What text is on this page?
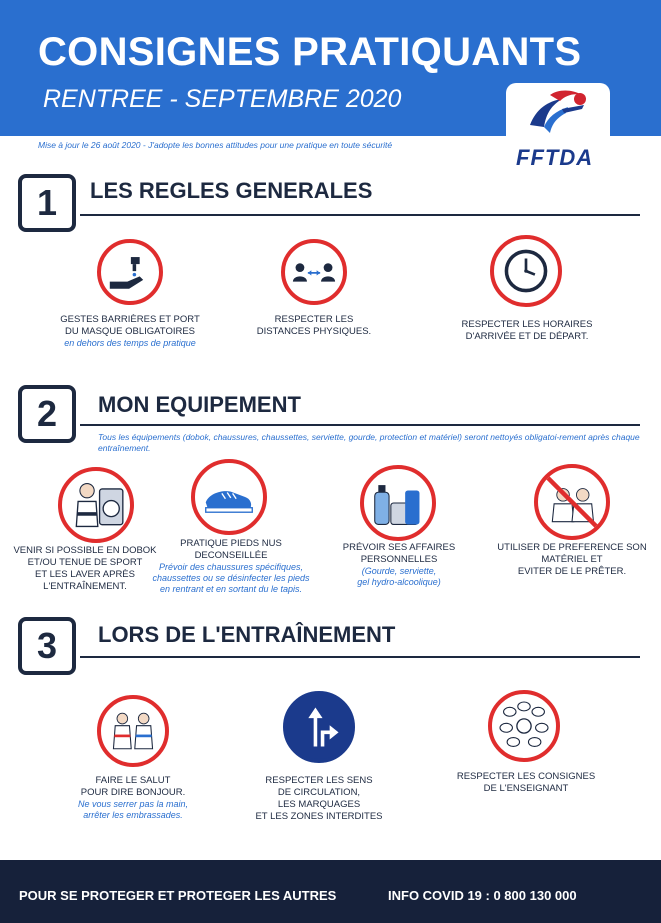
CONSIGNES PRATIQUANTS
RENTREE - SEPTEMBRE 2020
FFTDA
Mise à jour le 26 août 2020 - J'adopte les bonnes attitudes pour une pratique en toute sécurité
1	LES REGLES GENERALES
GESTES BARRIÈRES ET PORT
DU MASQUE OBLIGATOIRES
en dehors des temps de pratique
RESPECTER LES
DISTANCES PHYSIQUES.
RESPECTER LES HORAIRES
D'ARRIVÉE ET DE DÉPART.
2	MON EQUIPEMENT
Tous les équipements (dobok, chaussures, chaussettes, serviette, gourde, protection et matériel) seront nettoyés obligatoi-rement après chaque entraînement.
VENIR SI POSSIBLE EN DOBOK
ET/OU TENUE DE SPORT
ET LES LAVER APRÈS
L'ENTRAÎNEMENT.
PRATIQUE PIEDS NUS
DECONSEILLÉE
Prévoir des chaussures spécifiques,
chaussettes ou se désinfecter les pieds
en rentrant et en sortant du le tapis.
PRÉVOIR SES AFFAIRES
PERSONNELLES
(Gourde, serviette,
gel hydro-alcoolique)
UTILISER DE PREFERENCE SON
MATÉRIEL ET
EVITER DE LE PRÊTER.
3	LORS DE L'ENTRAÎNEMENT
FAIRE LE SALUT
POUR DIRE BONJOUR.
Ne vous serrer pas la main,
arrêter les embrassades.
RESPECTER LES SENS
DE CIRCULATION,
LES MARQUAGES
ET LES ZONES INTERDITES
RESPECTER LES CONSIGNES
DE L'ENSEIGNANT
POUR SE PROTEGER ET PROTEGER LES AUTRES	INFO COVID 19 : 0 800 130 000
